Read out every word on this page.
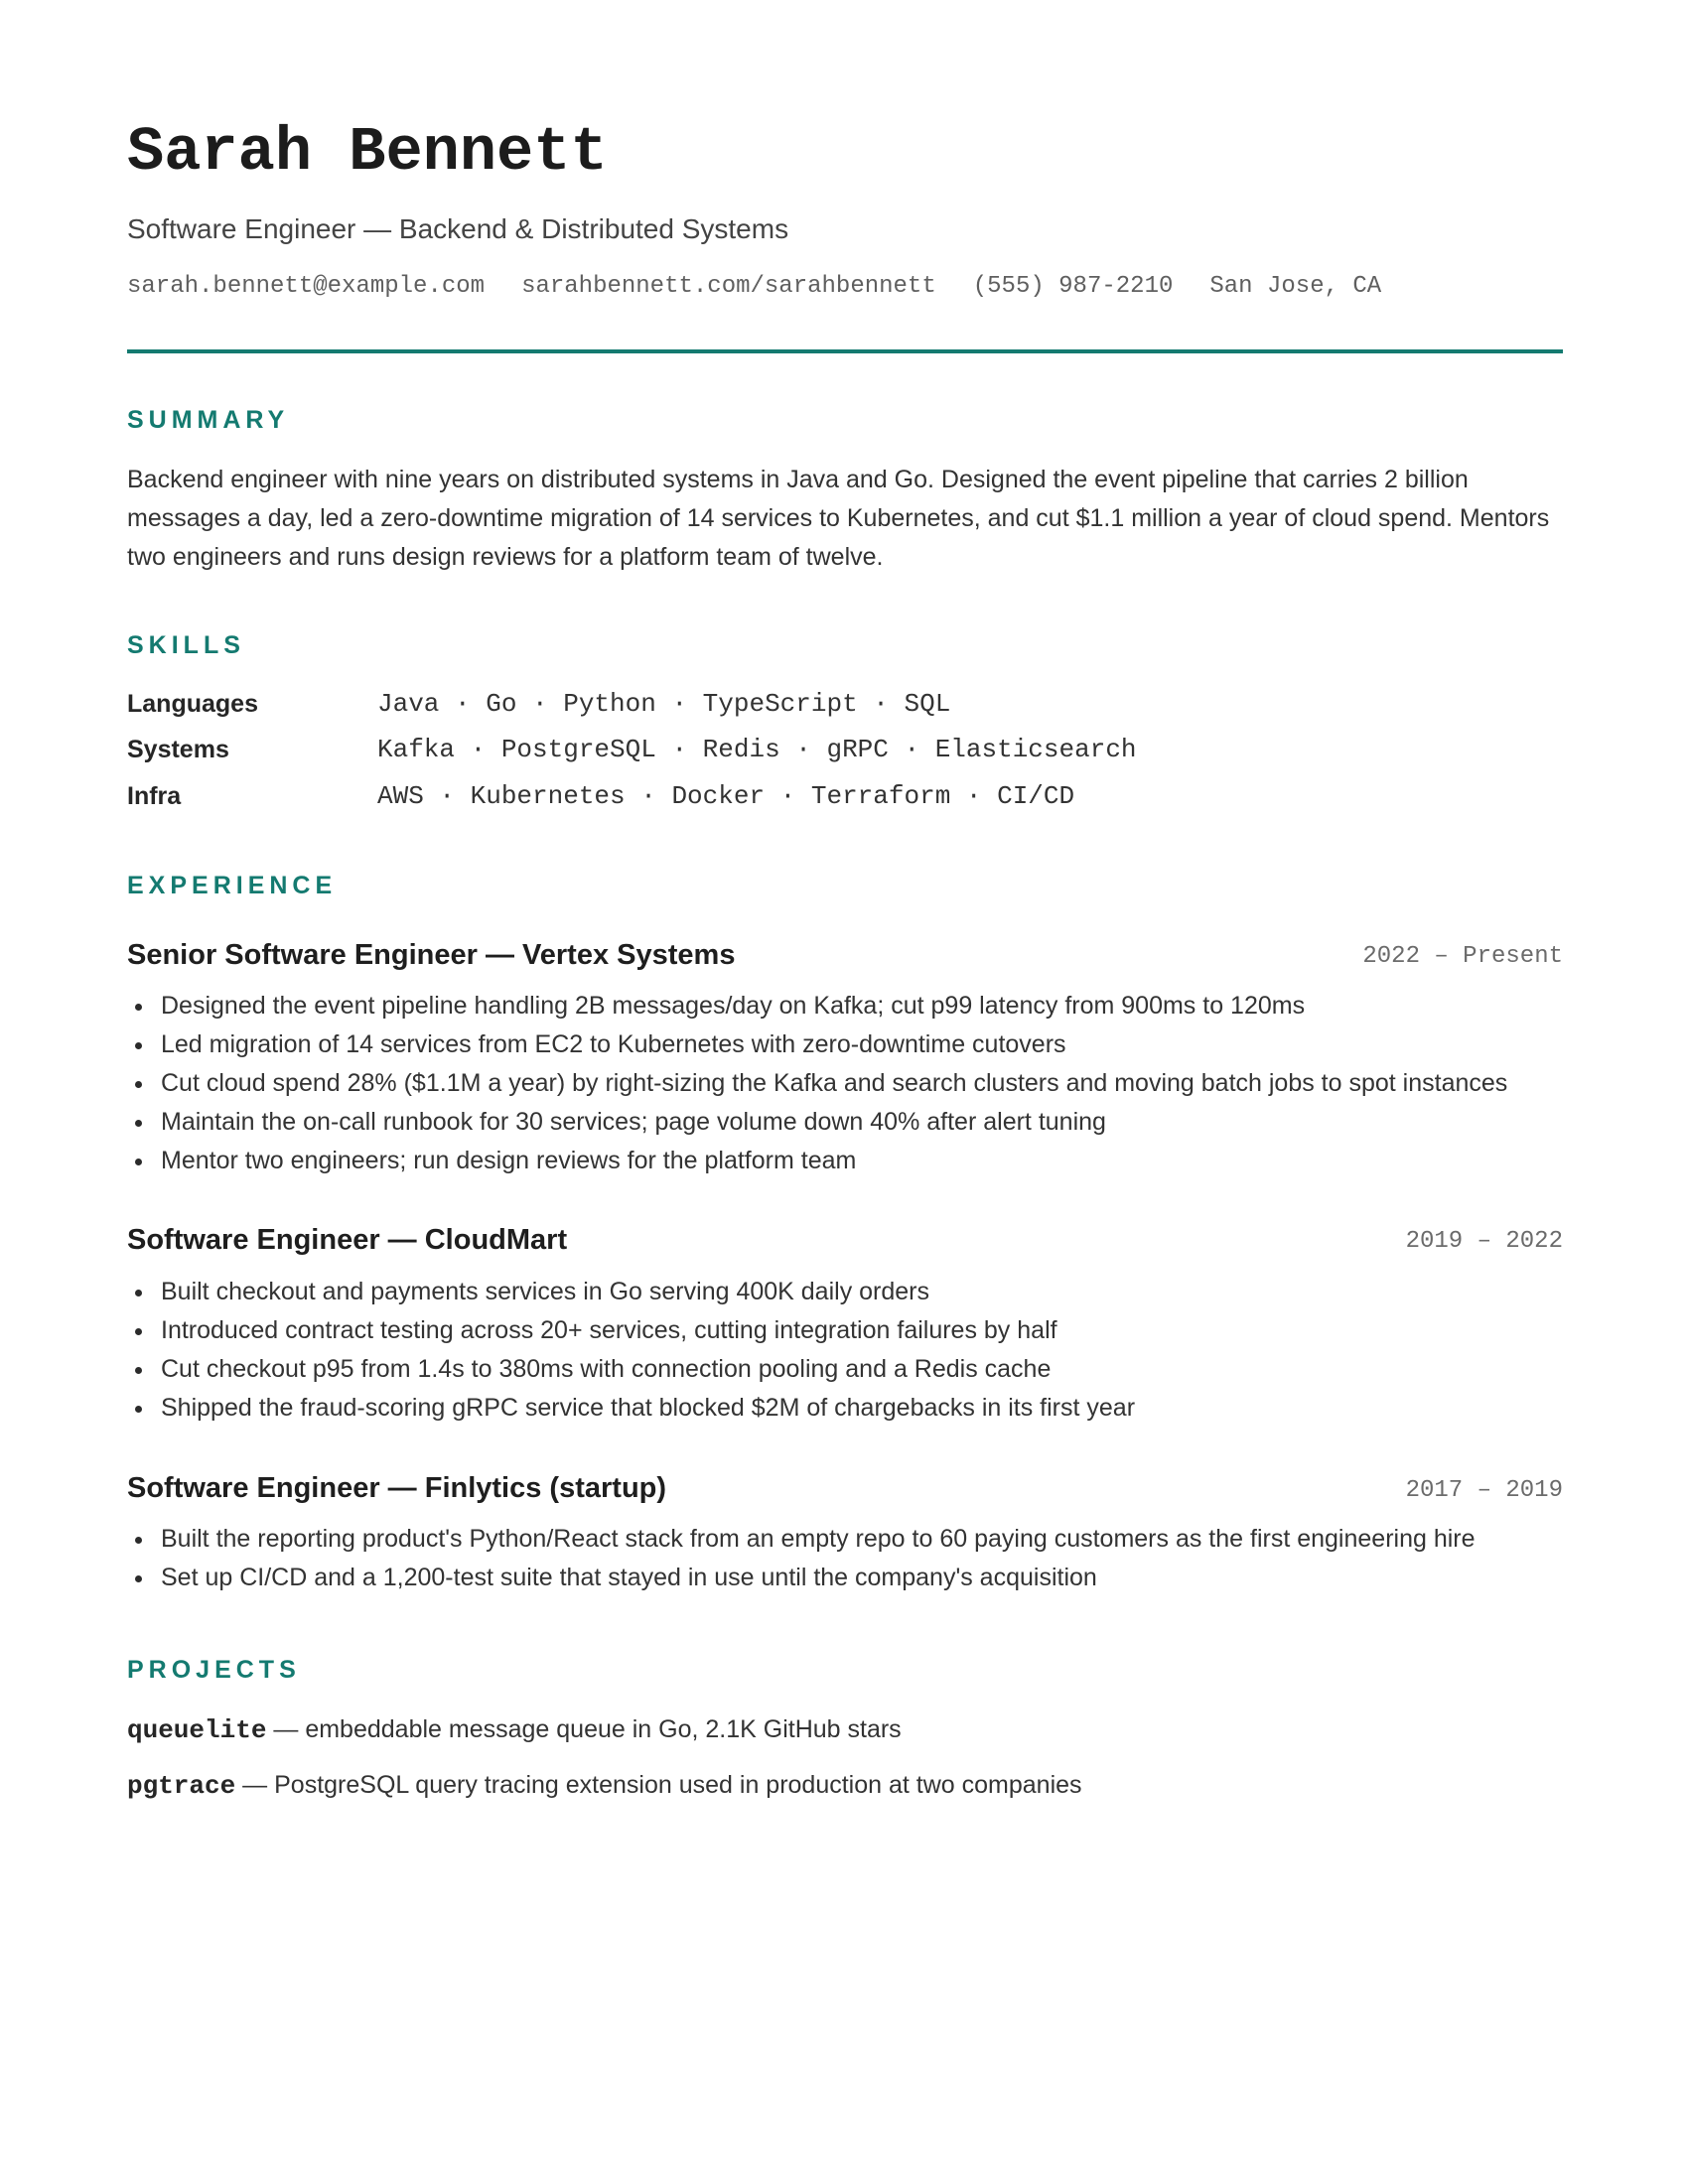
Sarah Bennett
Software Engineer — Backend & Distributed Systems
sarah.bennett@example.com sarahbennett.com/sarahbennett (555) 987-2210 San Jose, CA
SUMMARY

Backend engineer with nine years on distributed systems in Java and Go. Designed the event pipeline that carries 2 billion messages a day, led a zero-downtime migration of 14 services to Kubernetes, and cut $1.1 million a year of cloud spend. Mentors two engineers and runs design reviews for a platform team of twelve.

SKILLS
Languages	Java · Go · Python · TypeScript · SQL
Systems	Kafka · PostgreSQL · Redis · gRPC · Elasticsearch
Infra	AWS · Kubernetes · Docker · Terraform · CI/CD
EXPERIENCE
Senior Software Engineer — Vertex Systems	2022 – Present
Designed the event pipeline handling 2B messages/day on Kafka; cut p99 latency from 900ms to 120ms
Led migration of 14 services from EC2 to Kubernetes with zero-downtime cutovers
Cut cloud spend 28% ($1.1M a year) by right-sizing the Kafka and search clusters and moving batch jobs to spot instances
Maintain the on-call runbook for 30 services; page volume down 40% after alert tuning
Mentor two engineers; run design reviews for the platform team
Software Engineer — CloudMart	2019 – 2022
Built checkout and payments services in Go serving 400K daily orders
Introduced contract testing across 20+ services, cutting integration failures by half
Cut checkout p95 from 1.4s to 380ms with connection pooling and a Redis cache
Shipped the fraud-scoring gRPC service that blocked $2M of chargebacks in its first year
Software Engineer — Finlytics (startup)	2017 – 2019
Built the reporting product's Python/React stack from an empty repo to 60 paying customers as the first engineering hire
Set up CI/CD and a 1,200-test suite that stayed in use until the company's acquisition
PROJECTS
queuelite — embeddable message queue in Go, 2.1K GitHub stars
pgtrace — PostgreSQL query tracing extension used in production at two companies
